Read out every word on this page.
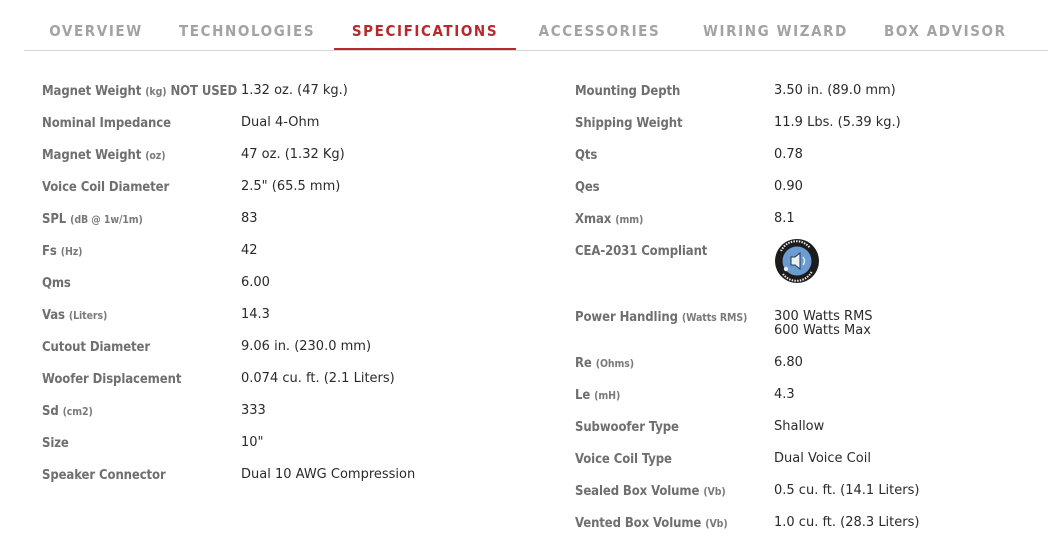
OVERVIEW	TECHNOLOGIES	SPECIFICATIONS	ACCESSORIES	WIRING WIZARD BOX ADVISOR
Magnet Weight (kg) NOT USED 1.32 oz. (47 kg.)
Nominal Impedance	Dual 4-Ohm
Magnet Weight (oz)	47 oz. (1.32 Kg)
Voice Coil Diameter	2.5" (65.5 mm)
SPL (dB @ 1w/1m)	83
Fs (Hz)	42
Qms	6.00
Vas (Liters)	14.3
Cutout Diameter	9.06 in. (230.0 mm)
Woofer Displacement	0.074 cu. ft. (2.1 Liters)
Sd (cm2)	333
Size	10"
Speaker Connector	Dual 10 AWG Compression
Mounting Depth	3.50 in. (89.0 mm)
Shipping Weight	11.9 Lbs. (5.39 kg.)
Qts	0.78
Qes	0.90
Xmax (mm)	8.1
CEA-2031 Compliant
Power Handling (Watts RMS) 300 Watts RMS
600 Watts Max
Re (Ohms)	6.80
Le (mH)	4.3
Subwoofer Type	Shallow
Voice Coil Type	Dual Voice Coil
Sealed Box Volume (Vb)	0.5 cu. ft. (14.1 Liters)
Vented Box Volume (Vb)	1.0 cu. ft. (28.3 Liters)
